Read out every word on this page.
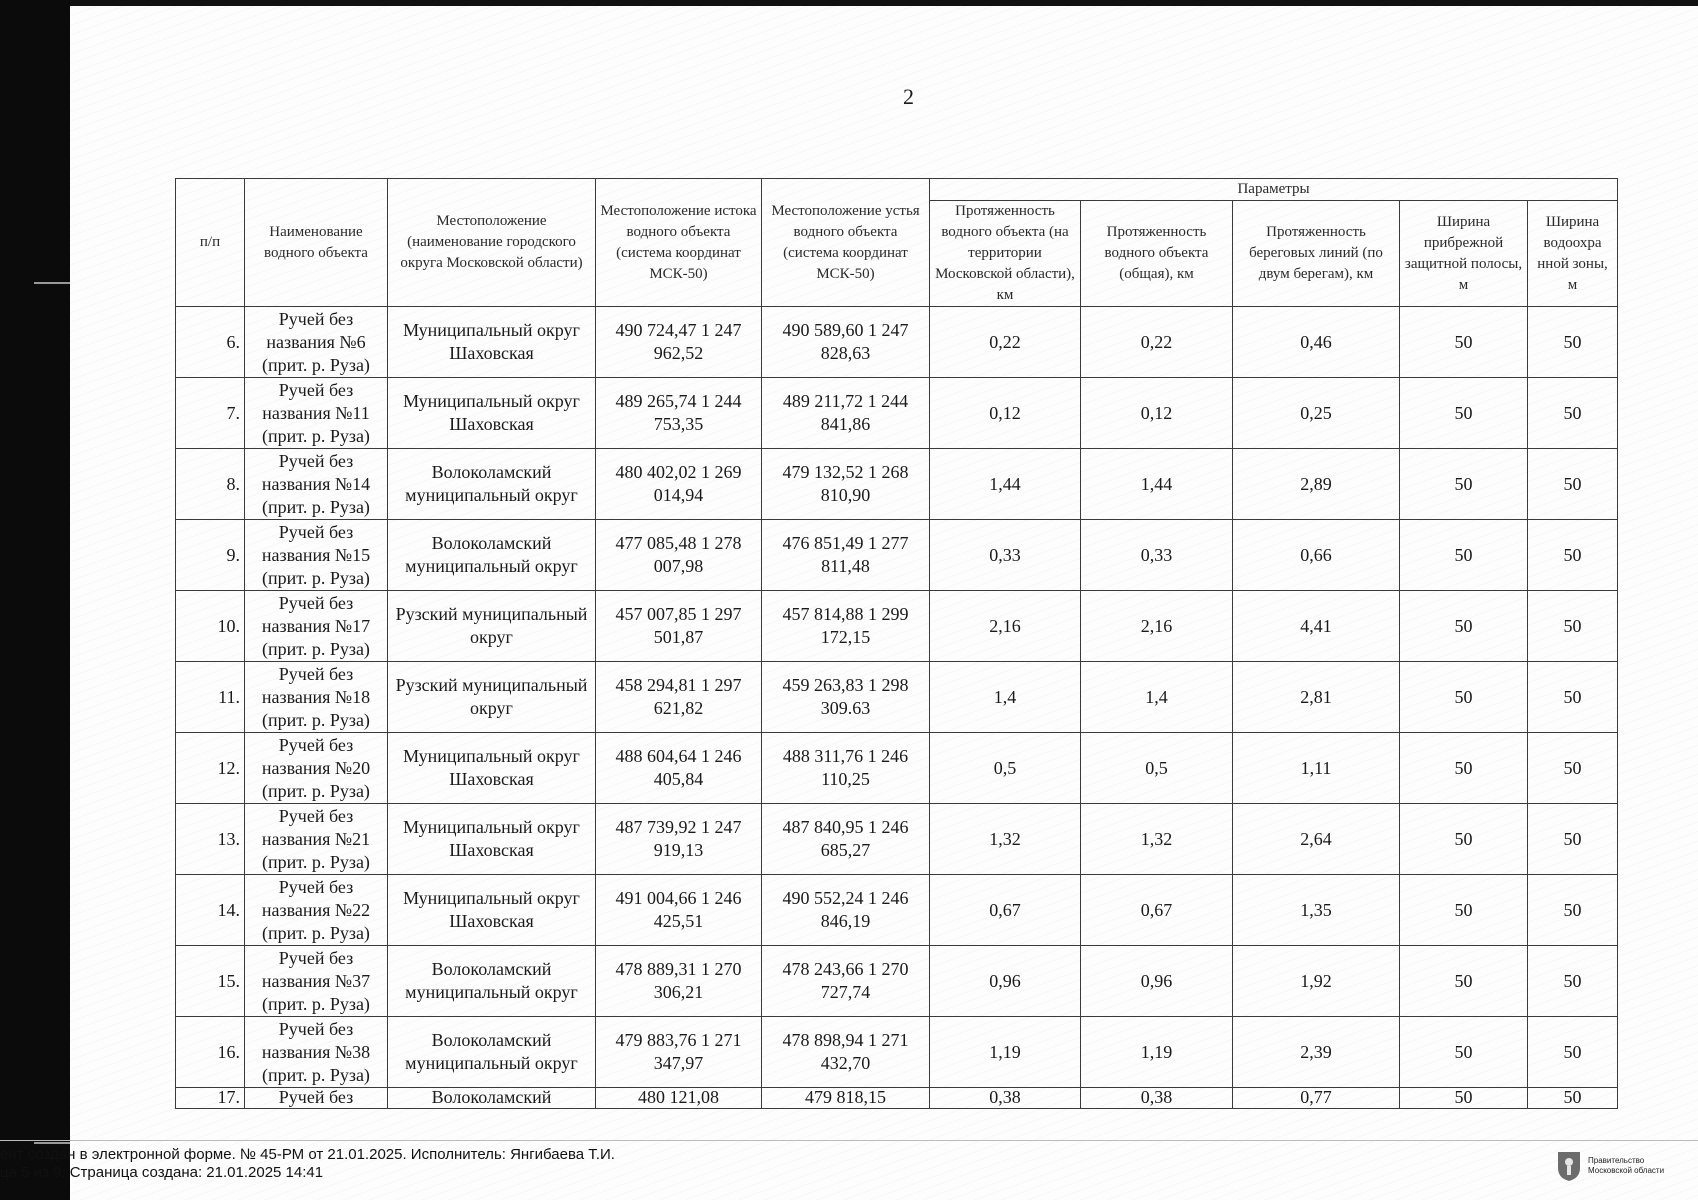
2
п/п	Наименование водного объекта	Местоположение (наименование городского округа Московской области)	Местоположение истока водного объекта (система координат МСК-50)	Местоположение устья водного объекта (система координат МСК-50)	Параметры				
					Протяженность водного объекта (на территории Московской области), км	Протяженность водного объекта (общая), км	Протяженность береговых линий (по двум берегам), км	Ширина прибрежной защитной полосы, м	Ширина водоохра нной зоны, м
6.	Ручей без названия №6 (прит. р. Руза)	Муниципальный округ Шаховская	490 724,47 1 247 962,52	490 589,60 1 247 828,63	0,22	0,22	0,46	50	50
7.	Ручей без названия №11 (прит. р. Руза)	Муниципальный округ Шаховская	489 265,74 1 244 753,35	489 211,72 1 244 841,86	0,12	0,12	0,25	50	50
8.	Ручей без названия №14 (прит. р. Руза)	Волоколамский муниципальный округ	480 402,02 1 269 014,94	479 132,52 1 268 810,90	1,44	1,44	2,89	50	50
9.	Ручей без названия №15 (прит. р. Руза)	Волоколамский муниципальный округ	477 085,48 1 278 007,98	476 851,49 1 277 811,48	0,33	0,33	0,66	50	50
10.	Ручей без названия №17 (прит. р. Руза)	Рузский муниципальный округ	457 007,85 1 297 501,87	457 814,88 1 299 172,15	2,16	2,16	4,41	50	50
11.	Ручей без названия №18 (прит. р. Руза)	Рузский муниципальный округ	458 294,81 1 297 621,82	459 263,83 1 298 309.63	1,4	1,4	2,81	50	50
12.	Ручей без названия №20 (прит. р. Руза)	Муниципальный округ Шаховская	488 604,64 1 246 405,84	488 311,76 1 246 110,25	0,5	0,5	1,11	50	50
13.	Ручей без названия №21 (прит. р. Руза)	Муниципальный округ Шаховская	487 739,92 1 247 919,13	487 840,95 1 246 685,27	1,32	1,32	2,64	50	50
14.	Ручей без названия №22 (прит. р. Руза)	Муниципальный округ Шаховская	491 004,66 1 246 425,51	490 552,24 1 246 846,19	0,67	0,67	1,35	50	50
15.	Ручей без названия №37 (прит. р. Руза)	Волоколамский муниципальный округ	478 889,31 1 270 306,21	478 243,66 1 270 727,74	0,96	0,96	1,92	50	50
16.	Ручей без названия №38 (прит. р. Руза)	Волоколамский муниципальный округ	479 883,76 1 271 347,97	478 898,94 1 271 432,70	1,19	1,19	2,39	50	50
17.	Ручей без	Волоколамский	480 121,08	479 818,15	0,38	0,38	0,77	50	50
ент создан в электронной форме. № 45-РМ от 21.01.2025. Исполнитель: Янгибаева Т.И.
ца 5 из 9. Страница создана: 21.01.2025 14:41
Правительство
Московской области
